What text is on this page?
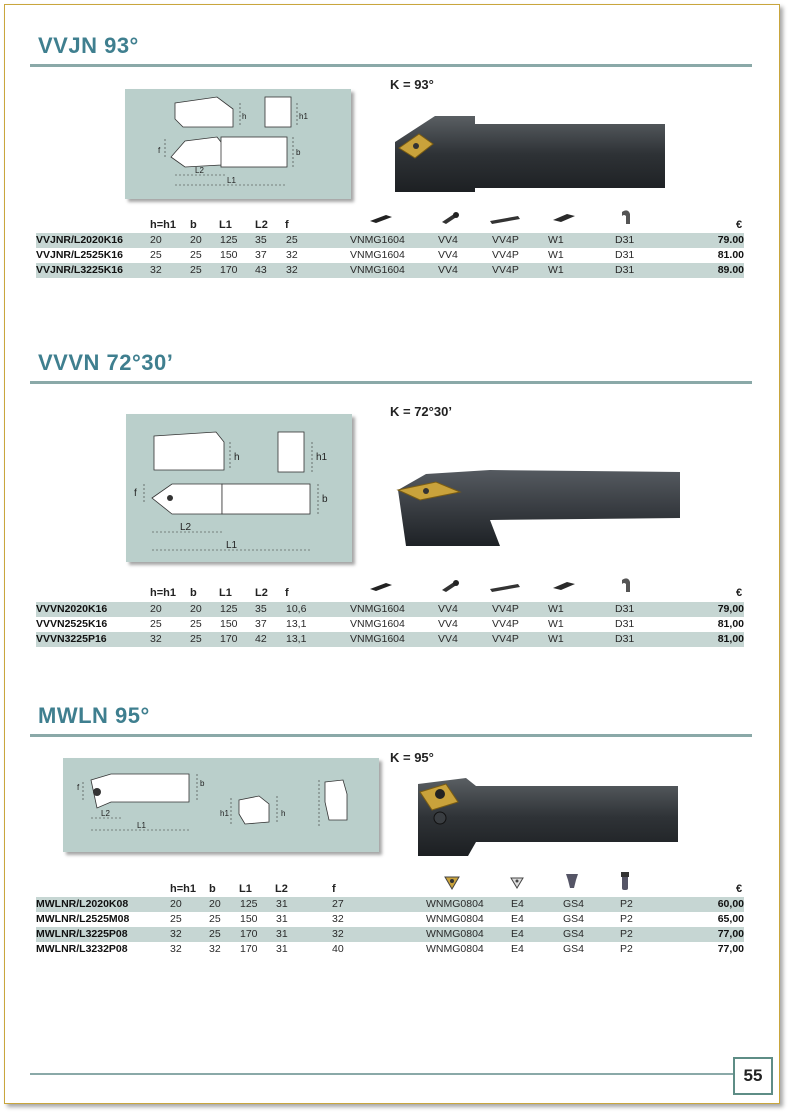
VVJN 93°
K = 93°
h	h1
b
f
L2
L1
h=h1 b L1 L2 f	€
VVJNR/L2020K16	20	20 125 35 25	VNMG1604	VV4	VV4P	W1	D31	79.00
VVJNR/L2525K16	25	25 150 37 32	VNMG1604	VV4	VV4P	W1	D31	81.00
VVJNR/L3225K16	32	25 170 43 32	VNMG1604	VV4	VV4P	W1	D31	89.00
VVVN 72°30’
K = 72°30’
h	h1
b
f
L2
L1
h=h1 b L1 L2 f	€
VVVN2020K16	20	20 125 35 10,6	VNMG1604	VV4	VV4P	W1	D31	79,00
VVVN2525K16	25	25 150 37 13,1	VNMG1604	VV4	VV4P	W1	D31	81,00
VVVN3225P16	32	25 170 42 13,1	VNMG1604	VV4	VV4P	W1	D31	81,00
MWLN 95°
K = 95°
b
h1	h
f
L2
L1
h=h1 b L1 L2	f	€
MWLNR/L2020K08	20	20 125 31	27	WNMG0804	E4	GS4	P2	60,00
MWLNR/L2525M08	25	25 150 31	32	WNMG0804	E4	GS4	P2	65,00
MWLNR/L3225P08	32	25 170 31	32	WNMG0804	E4	GS4	P2	77,00
MWLNR/L3232P08	32	32 170 31	40	WNMG0804	E4	GS4	P2	77,00
55
